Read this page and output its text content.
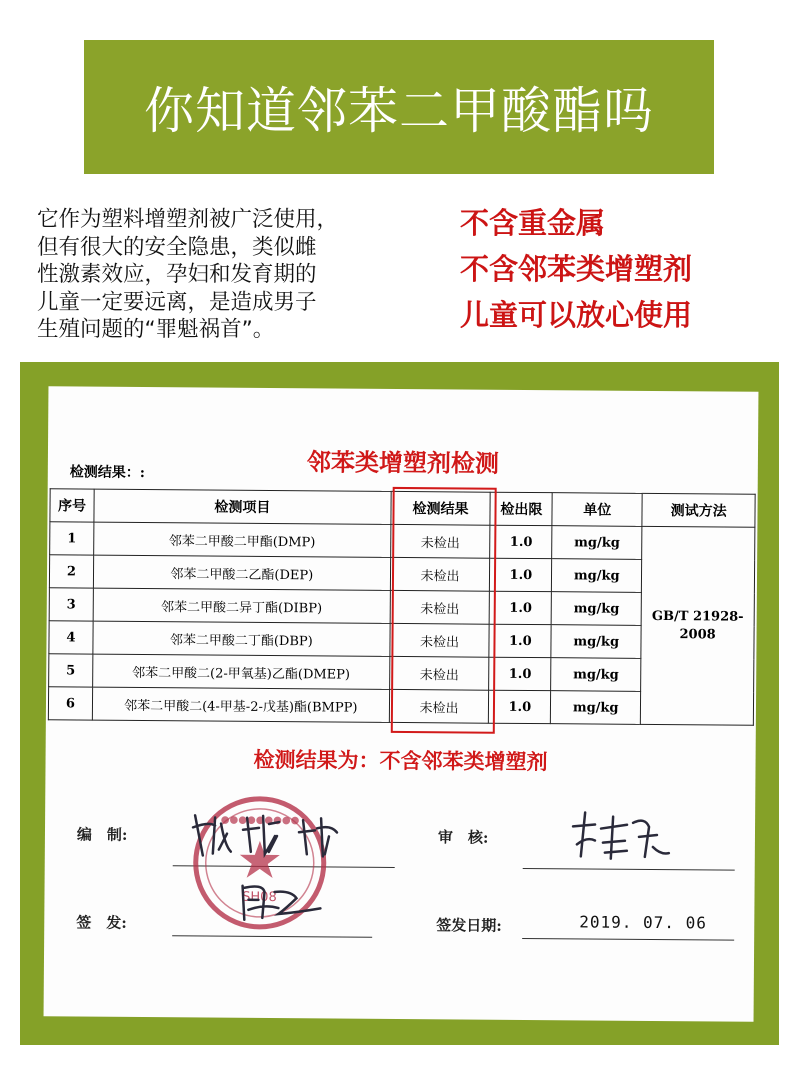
你知道邻苯二甲酸酯吗
它作为塑料增塑剂被广泛使用，
但有很大的安全隐患，类似雌
性激素效应，孕妇和发育期的
儿童一定要远离，是造成男子
生殖问题的“罪魁祸首”。
不含重金属
不含邻苯类增塑剂
儿童可以放心使用
邻苯类增塑剂检测
检测结果：:
序号	检测项目	检测结果	检出限	单位	测试方法
1	邻苯二甲酸二甲酯(DMP)	未检出	1.0	mg/kg	GB/T 21928-2008
2	邻苯二甲酸二乙酯(DEP)	未检出	1.0	mg/kg	
3	邻苯二甲酸二异丁酯(DIBP)	未检出	1.0	mg/kg	
4	邻苯二甲酸二丁酯(DBP)	未检出	1.0	mg/kg	
5	邻苯二甲酸二(2-甲氧基)乙酯(DMEP)	未检出	1.0	mg/kg	
6	邻苯二甲酸二(4-甲基-2-戊基)酯(BMPP)	未检出	1.0	mg/kg	
检测结果为：不含邻苯类增塑剂
编　制:	审　核:
签　发:	签发日期:	2019. 07. 06
●●●●●●●●●
SH08
